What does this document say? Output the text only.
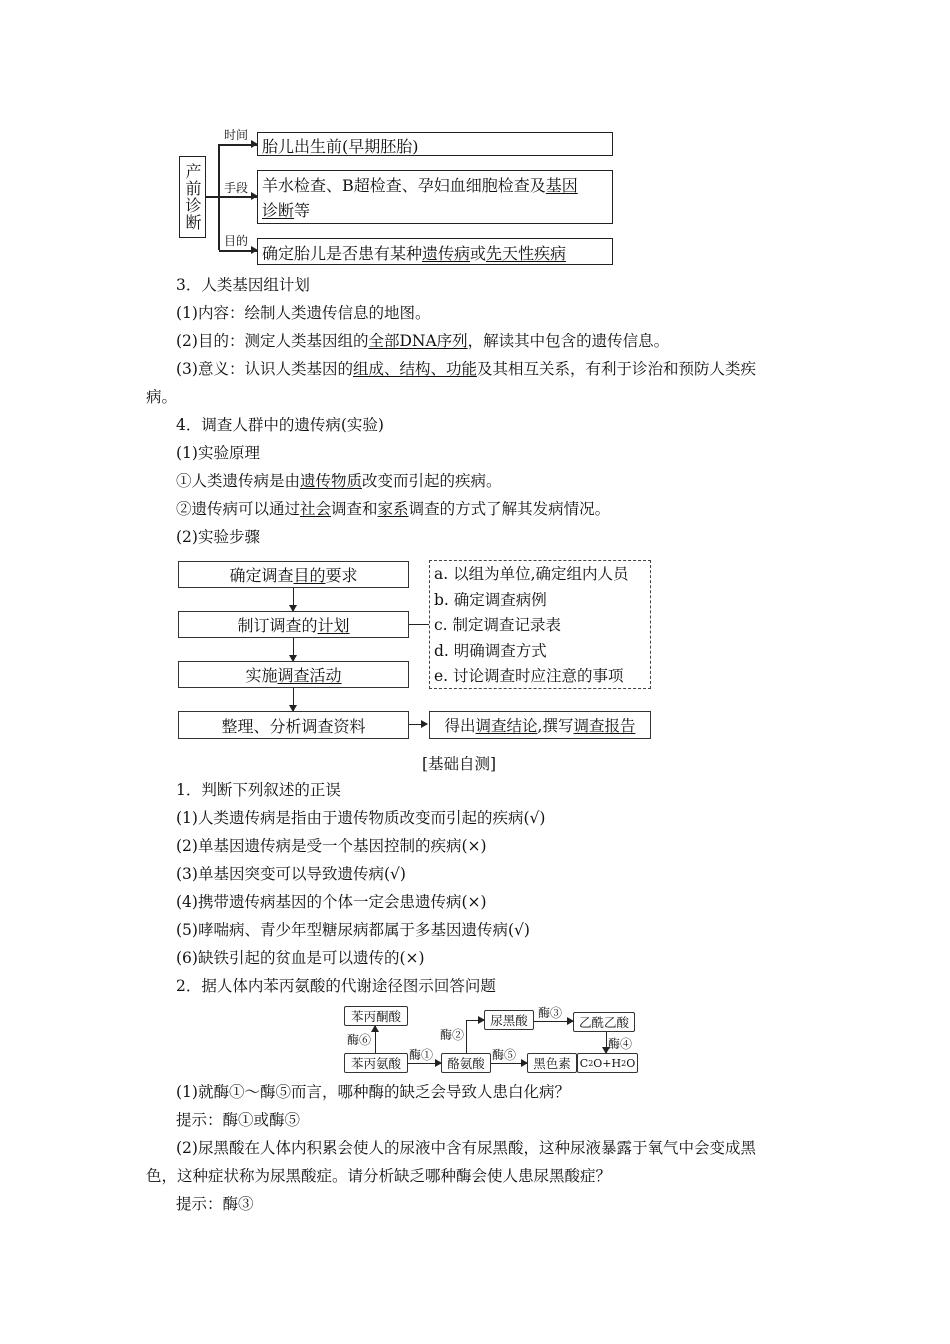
产前诊断
时间
手段
目的
胎儿出生前(早期胚胎)
羊水检查、B超检查、孕妇血细胞检查及基因
诊断等
确定胎儿是否患有某种遗传病或先天性疾病
3．人类基因组计划
(1)内容：绘制人类遗传信息的地图。
(2)目的：测定人类基因组的全部DNA序列，解读其中包含的遗传信息。
(3)意义：认识人类基因的组成、结构、功能及其相互关系，有利于诊治和预防人类疾
病。
4．调查人群中的遗传病(实验)
(1)实验原理
①人类遗传病是由遗传物质改变而引起的疾病。
②遗传病可以通过社会调查和家系调查的方式了解其发病情况。
(2)实验步骤
确定调查 目的 要求
制订调查的 计划
实施 调查活动
整理、分析调查资料
a. 以组为单位,确定组内人员
b. 确定调查病例
c. 制定调查记录表
d. 明确调查方式
e. 讨论调查时应注意的事项
得出 调查结论 ,撰写 调查报告
[基础自测]
1．判断下列叙述的正误
(1)人类遗传病是指由于遗传物质改变而引起的疾病(√)
(2)单基因遗传病是受一个基因控制的疾病(×)
(3)单基因突变可以导致遗传病(√)
(4)携带遗传病基因的个体一定会患遗传病(×)
(5)哮喘病、青少年型糖尿病都属于多基因遗传病(√)
(6)缺铁引起的贫血是可以遗传的(×)
2．据人体内苯丙氨酸的代谢途径图示回答问题
苯丙酮酸
苯丙氨酸	酪氨酸
尿黑酸	乙酰乙酸
黑色素 C 2 O+H 2 O
酶⑥
酶①
酶②
酶③
酶④
酶⑤
(1)就酶①～酶⑤而言，哪种酶的缺乏会导致人患白化病？
提示：酶①或酶⑤
(2)尿黑酸在人体内积累会使人的尿液中含有尿黑酸，这种尿液暴露于氧气中会变成黑
色，这种症状称为尿黑酸症。请分析缺乏哪种酶会使人患尿黑酸症？
提示：酶③
